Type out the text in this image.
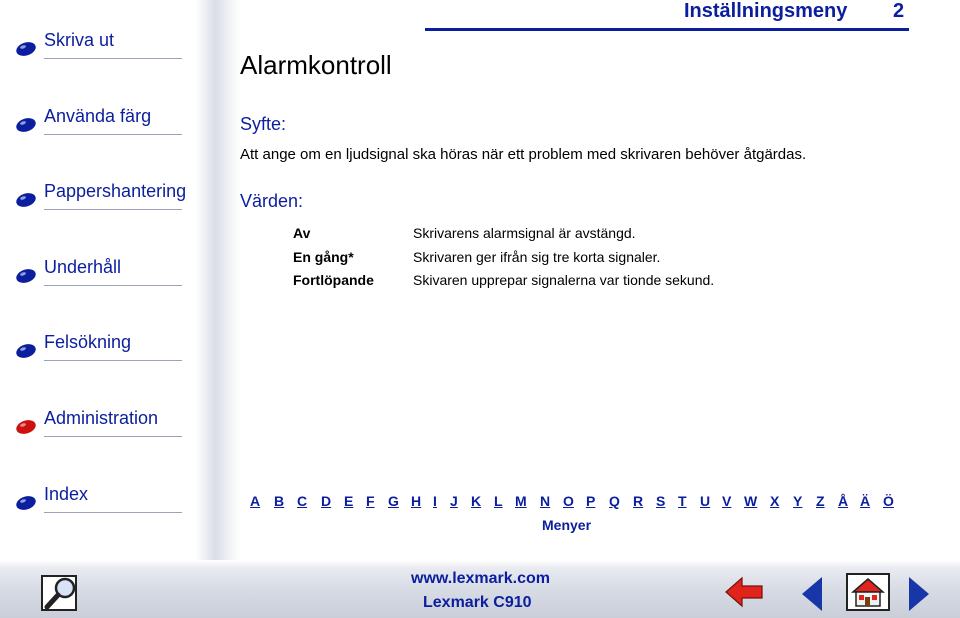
Skriva ut
Använda färg
Pappershantering
Underhåll
Felsökning
Administration
Index
Inställningsmeny 2
Alarmkontroll
Syfte:
Att ange om en ljudsignal ska höras när ett problem med skrivaren behöver åtgärdas.
Värden:
Av	Skrivarens alarmsignal är avstängd.
En gång*	Skrivaren ger ifrån sig tre korta signaler.
Fortlöpande	Skivaren upprepar signalerna var tionde sekund.
A B C D E F G H I J K L M N O P Q R S T U V W X Y Z Å Ä Ö
Menyer
www.lexmark.com
Lexmark C910
